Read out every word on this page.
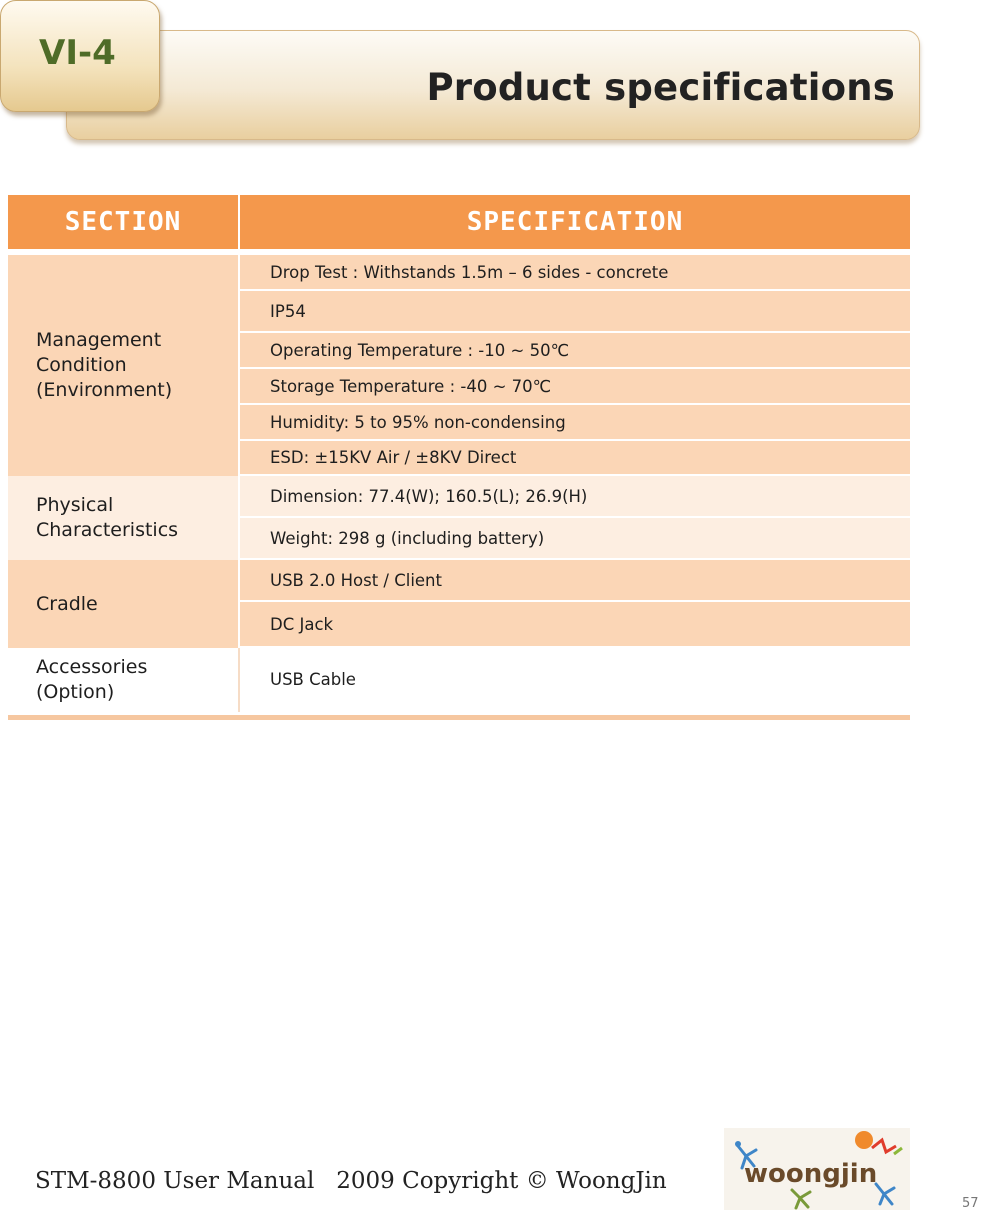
Product specifications
VI-4
SECTION	SPECIFICATION

Management
Condition
(Environment)	Drop Test : Withstands 1.5m – 6 sides - concrete
	IP54
	Operating Temperature : -10 ~ 50℃
	Storage Temperature : -40 ~ 70℃
	Humidity: 5 to 95% non-condensing
	ESD: ±15KV Air / ±8KV Direct
Physical
Characteristics	Dimension: 77.4(W); 160.5(L); 26.9(H)
	Weight: 298 g (including battery)
Cradle	USB 2.0 Host / Client
	DC Jack
Accessories
(Option)	USB Cable
STM-8800 User Manual   2009 Copyright © WoongJin	woongjin
57
